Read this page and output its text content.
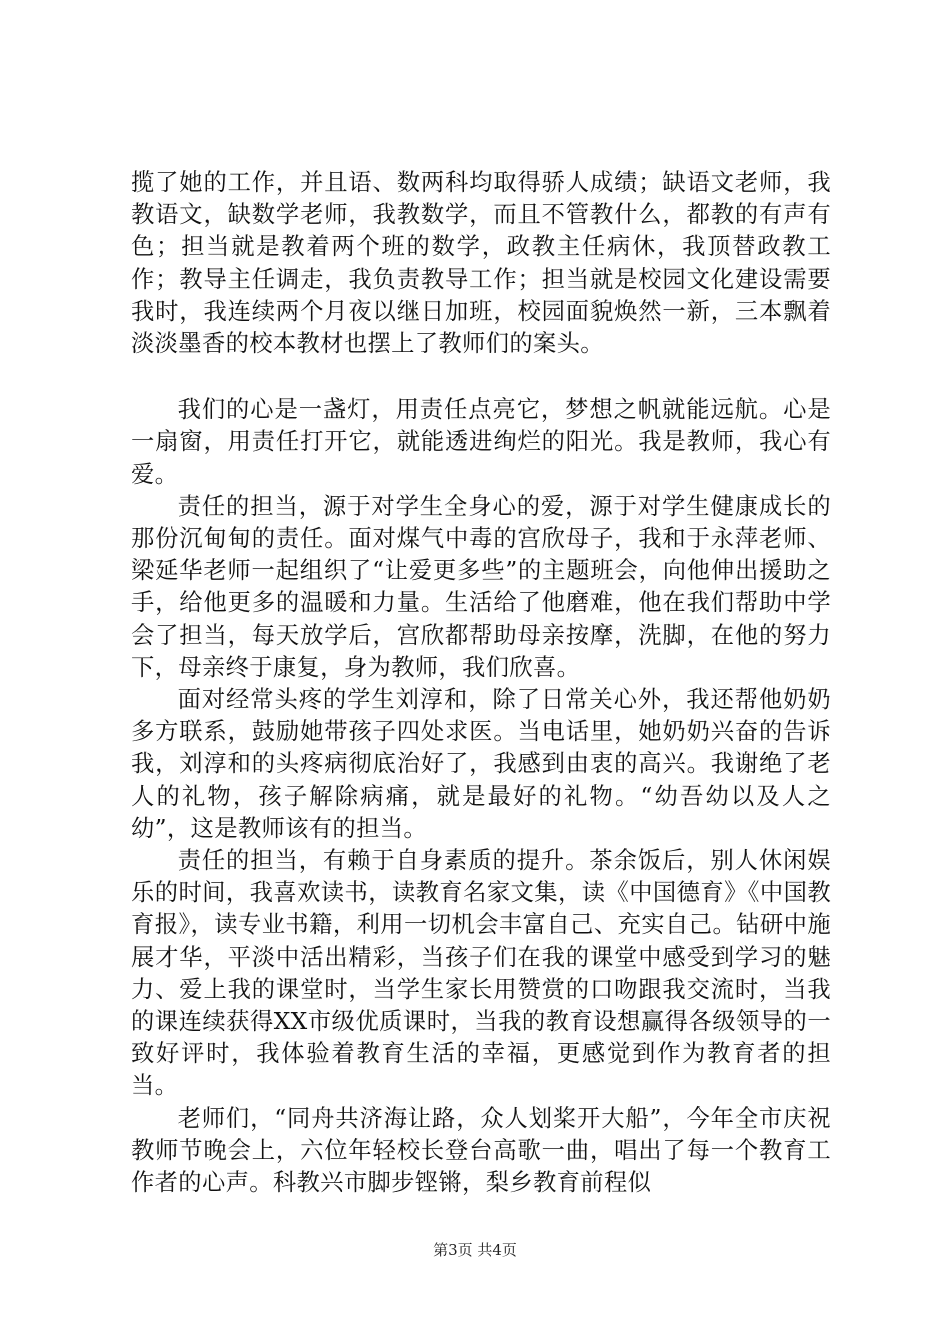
揽了她的工作，并且语、数两科均取得骄人成绩；缺语文老师，我教语文，缺数学老师，我教数学，而且不管教什么，都教的有声有色；担当就是教着两个班的数学，政教主任病休，我顶替政教工作；教导主任调走，我负责教导工作；担当就是校园文化建设需要我时，我连续两个月夜以继日加班，校园面貌焕然一新，三本飘着淡淡墨香的校本教材也摆上了教师们的案头。

我们的心是一盏灯，用责任点亮它，梦想之帆就能远航。心是一扇窗，用责任打开它，就能透进绚烂的阳光。我是教师，我心有爱。

责任的担当，源于对学生全身心的爱，源于对学生健康成长的那份沉甸甸的责任。面对煤气中毒的宫欣母子，我和于永萍老师、梁延华老师一起组织了“让爱更多些”的主题班会，向他伸出援助之手，给他更多的温暖和力量。生活给了他磨难，他在我们帮助中学会了担当，每天放学后，宫欣都帮助母亲按摩，洗脚，在他的努力下，母亲终于康复，身为教师，我们欣喜。

面对经常头疼的学生刘淳和，除了日常关心外，我还帮他奶奶多方联系，鼓励她带孩子四处求医。当电话里，她奶奶兴奋的告诉我，刘淳和的头疼病彻底治好了，我感到由衷的高兴。我谢绝了老人的礼物，孩子解除病痛，就是最好的礼物。“幼吾幼以及人之幼”，这是教师该有的担当。

责任的担当，有赖于自身素质的提升。茶余饭后，别人休闲娱乐的时间，我喜欢读书，读教育名家文集，读《中国德育》《中国教育报》，读专业书籍，利用一切机会丰富自己、充实自己。钻研中施展才华，平淡中活出精彩，当孩子们在我的课堂中感受到学习的魅力、爱上我的课堂时，当学生家长用赞赏的口吻跟我交流时，当我的课连续获得XX市级优质课时，当我的教育设想赢得各级领导的一致好评时，我体验着教育生活的幸福，更感觉到作为教育者的担当。

老师们，“同舟共济海让路，众人划桨开大船”，今年全市庆祝教师节晚会上，六位年轻校长登台高歌一曲，唱出了每一个教育工作者的心声。科教兴市脚步铿锵，梨乡教育前程似

第3页 共4页
